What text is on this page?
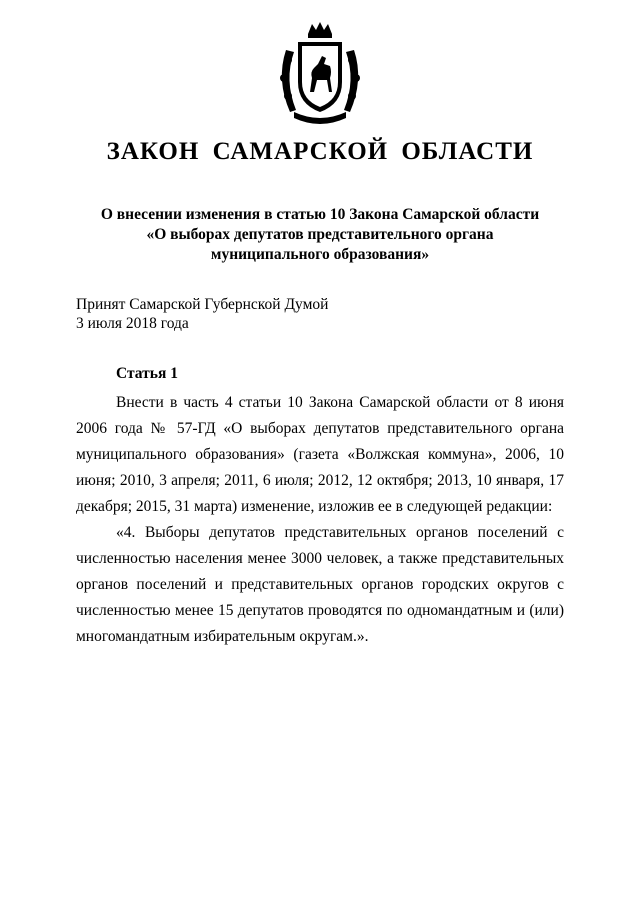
ЗАКОН САМАРСКОЙ ОБЛАСТИ
О внесении изменения в статью 10 Закона Самарской области
«О выборах депутатов представительного органа
муниципального образования»
Принят Самарской Губернской Думой
3 июля 2018 года
Статья 1

Внести в часть 4 статьи 10 Закона Самарской области от 8 июня 2006 года № 57-ГД «О выборах депутатов представительного органа муниципального образования» (газета «Волжская коммуна», 2006, 10 июня; 2010, 3 апреля; 2011, 6 июля; 2012, 12 октября; 2013, 10 января, 17 декабря; 2015, 31 марта) изменение, изложив ее в следующей редакции:

«4. Выборы депутатов представительных органов поселений с численностью населения менее 3000 человек, а также представительных органов поселений и представительных органов городских округов с численностью менее 15 депутатов проводятся по одномандатным и (или) многомандатным избирательным округам.».
